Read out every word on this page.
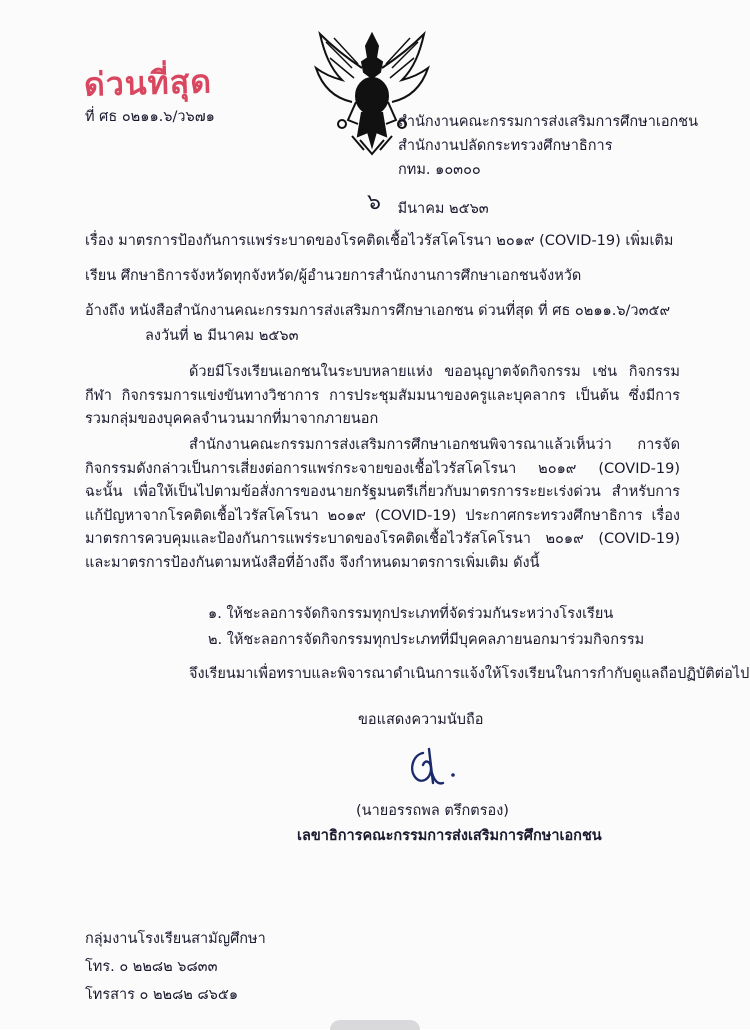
ด่วนที่สุด
ที่ ศธ ๐๒๑๑.๖/ว๖๗๑	สำนักงานคณะกรรมการส่งเสริมการศึกษาเอกชน
สำนักงานปลัดกระทรวงศึกษาธิการ
กทม. ๑๐๓๐๐
๖ มีนาคม ๒๕๖๓
เรื่อง มาตรการป้องกันการแพร่ระบาดของโรคติดเชื้อไวรัสโคโรนา ๒๐๑๙ (COVID-19) เพิ่มเติม
เรียน ศึกษาธิการจังหวัดทุกจังหวัด/ผู้อำนวยการสำนักงานการศึกษาเอกชนจังหวัด
อ้างถึง หนังสือสำนักงานคณะกรรมการส่งเสริมการศึกษาเอกชน ด่วนที่สุด ที่ ศธ ๐๒๑๑.๖/ว๓๕๙
ลงวันที่ ๒ มีนาคม ๒๕๖๓
ด้วยมีโรงเรียนเอกชนในระบบหลายแห่ง ขออนุญาตจัดกิจกรรม เช่น กิจกรรมกีฬา กิจกรรมการแข่งขันทางวิชาการ การประชุมสัมมนาของครูและบุคลากร เป็นต้น ซึ่งมีการรวมกลุ่มของบุคคลจำนวนมากที่มาจากภายนอก
สำนักงานคณะกรรมการส่งเสริมการศึกษาเอกชนพิจารณาแล้วเห็นว่า การจัดกิจกรรมดังกล่าวเป็นการเสี่ยงต่อการแพร่กระจายของเชื้อไวรัสโคโรนา ๒๐๑๙ (COVID-19) ฉะนั้น เพื่อให้เป็นไปตามข้อสั่งการของนายกรัฐมนตรีเกี่ยวกับมาตรการระยะเร่งด่วน สำหรับการแก้ปัญหาจากโรคติดเชื้อไวรัสโคโรนา ๒๐๑๙ (COVID-19) ประกาศกระทรวงศึกษาธิการ เรื่อง มาตรการควบคุมและป้องกันการแพร่ระบาดของโรคติดเชื้อไวรัสโคโรนา ๒๐๑๙ (COVID-19) และมาตรการป้องกันตามหนังสือที่อ้างถึง จึงกำหนดมาตรการเพิ่มเติม ดังนี้
๑. ให้ชะลอการจัดกิจกรรมทุกประเภทที่จัดร่วมกันระหว่างโรงเรียน
๒. ให้ชะลอการจัดกิจกรรมทุกประเภทที่มีบุคคลภายนอกมาร่วมกิจกรรม
จึงเรียนมาเพื่อทราบและพิจารณาดำเนินการแจ้งให้โรงเรียนในการกำกับดูแลถือปฏิบัติต่อไป
ขอแสดงความนับถือ
(นายอรรถพล ตรึกตรอง)
เลขาธิการคณะกรรมการส่งเสริมการศึกษาเอกชน
กลุ่มงานโรงเรียนสามัญศึกษา
โทร. ๐ ๒๒๘๒ ๖๘๓๓
โทรสาร ๐ ๒๒๘๒ ๘๖๕๑
